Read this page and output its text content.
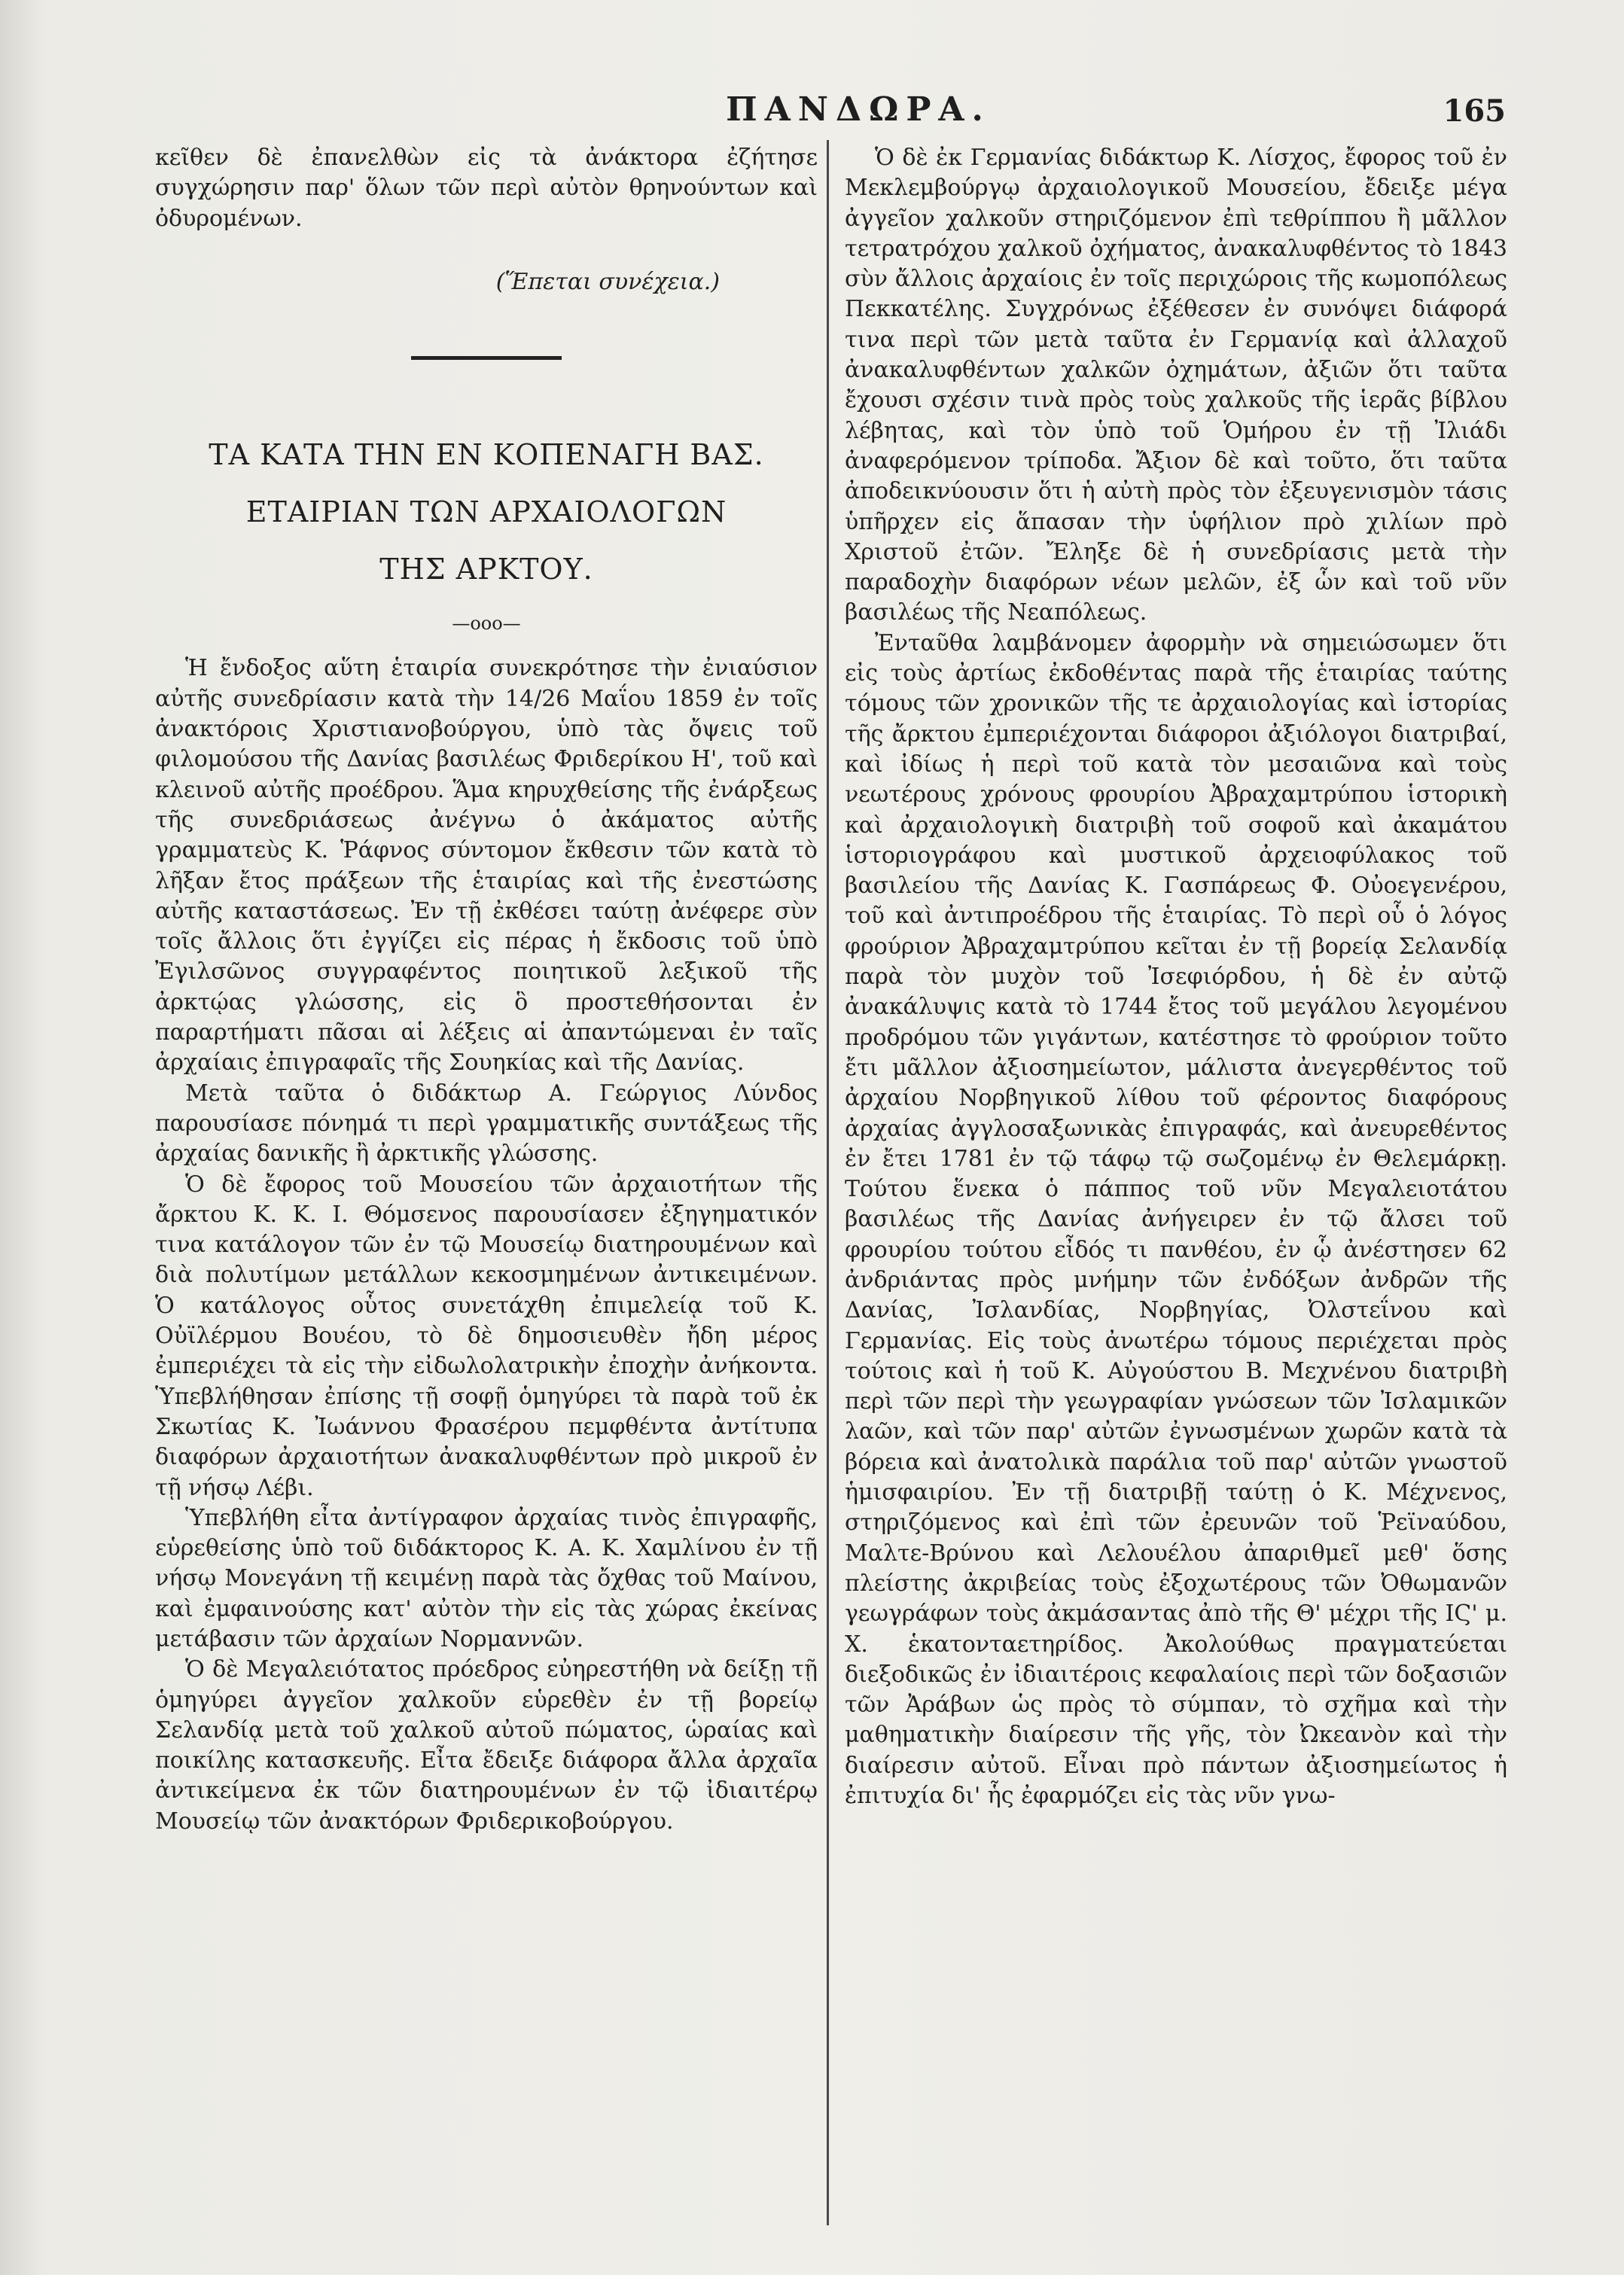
ΠΑΝΔΩΡΑ.	165

κεῖθεν δὲ ἐπανελθὼν εἰς τὰ ἀνάκτορα ἐζήτησε συγχώρησιν παρ' ὅλων τῶν περὶ αὐτὸν θρηνούντων καὶ ὀδυρομένων.

(Ἕπεται συνέχεια.)

ΤΑ ΚΑΤΑ ΤΗΝ ΕΝ ΚΟΠΕΝΑΓΗ ΒΑΣ.

ΕΤΑΙΡΙΑΝ ΤΩΝ ΑΡΧΑΙΟΛΟΓΩΝ

ΤΗΣ ΑΡΚΤΟΥ.

—ooo—

Ἡ ἔνδοξος αὕτη ἑταιρία συνεκρότησε τὴν ἐνιαύσιον αὐτῆς συνεδρίασιν κατὰ τὴν 14/26 Μαΐου 1859 ἐν τοῖς ἀνακτόροις Χριστιανοβούργου, ὑπὸ τὰς ὄψεις τοῦ φιλομούσου τῆς Δανίας βασιλέως Φριδερίκου Η', τοῦ καὶ κλεινοῦ αὐτῆς προέδρου. Ἅμα κηρυχθείσης τῆς ἐνάρξεως τῆς συνεδριάσεως ἀνέγνω ὁ ἀκάματος αὐτῆς γραμματεὺς Κ. Ῥάφνος σύντομον ἔκθεσιν τῶν κατὰ τὸ λῆξαν ἔτος πράξεων τῆς ἑταιρίας καὶ τῆς ἐνεστώσης αὐτῆς καταστάσεως. Ἐν τῇ ἐκθέσει ταύτῃ ἀνέφερε σὺν τοῖς ἄλλοις ὅτι ἐγγίζει εἰς πέρας ἡ ἔκδοσις τοῦ ὑπὸ Ἐγιλσῶνος συγγραφέντος ποιητικοῦ λεξικοῦ τῆς ἀρκτῴας γλώσσης, εἰς ὃ προστεθήσονται ἐν παραρτήματι πᾶσαι αἱ λέξεις αἱ ἀπαντώμεναι ἐν ταῖς ἀρχαίαις ἐπιγραφαῖς τῆς Σουηκίας καὶ τῆς Δανίας.

Μετὰ ταῦτα ὁ διδάκτωρ Α. Γεώργιος Λύνδος παρουσίασε πόνημά τι περὶ γραμματικῆς συντάξεως τῆς ἀρχαίας δανικῆς ἢ ἀρκτικῆς γλώσσης.

Ὁ δὲ ἔφορος τοῦ Μουσείου τῶν ἀρχαιοτήτων τῆς ἄρκτου Κ. Κ. Ι. Θόμσενος παρουσίασεν ἐξηγηματικόν τινα κατάλογον τῶν ἐν τῷ Μουσείῳ διατηρουμένων καὶ διὰ πολυτίμων μετάλλων κεκοσμημένων ἀντικειμένων. Ὁ κατάλογος οὗτος συνετάχθη ἐπιμελείᾳ τοῦ Κ. Οὐϊλέρμου Βουέου, τὸ δὲ δημοσιευθὲν ἤδη μέρος ἐμπεριέχει τὰ εἰς τὴν εἰδωλολατρικὴν ἐποχὴν ἀνήκοντα. Ὑπεβλήθησαν ἐπίσης τῇ σοφῇ ὁμηγύρει τὰ παρὰ τοῦ ἐκ Σκωτίας Κ. Ἰωάννου Φρασέρου πεμφθέντα ἀντίτυπα διαφόρων ἀρχαιοτήτων ἀνακαλυφθέντων πρὸ μικροῦ ἐν τῇ νήσῳ Λέβι.

Ὑπεβλήθη εἶτα ἀντίγραφον ἀρχαίας τινὸς ἐπιγραφῆς, εὑρεθείσης ὑπὸ τοῦ διδάκτορος Κ. Α. Κ. Χαμλίνου ἐν τῇ νήσῳ Μονεγάνη τῇ κειμένῃ παρὰ τὰς ὄχθας τοῦ Μαίνου, καὶ ἐμφαινούσης κατ' αὐτὸν τὴν εἰς τὰς χώρας ἐκείνας μετάβασιν τῶν ἀρχαίων Νορμαννῶν.

Ὁ δὲ Μεγαλειότατος πρόεδρος εὐηρεστήθη νὰ δείξῃ τῇ ὁμηγύρει ἀγγεῖον χαλκοῦν εὑρεθὲν ἐν τῇ βορείῳ Σελανδίᾳ μετὰ τοῦ χαλκοῦ αὐτοῦ πώματος, ὡραίας καὶ ποικίλης κατασκευῆς. Εἶτα ἔδειξε διάφορα ἄλλα ἀρχαῖα ἀντικείμενα ἐκ τῶν διατηρουμένων ἐν τῷ ἰδιαιτέρῳ Μουσείῳ τῶν ἀνακτόρων Φριδερικοβούργου.

Ὁ δὲ ἐκ Γερμανίας διδάκτωρ Κ. Λίσχος, ἔφορος τοῦ ἐν Μεκλεμβούργῳ ἀρχαιολογικοῦ Μουσείου, ἔδειξε μέγα ἀγγεῖον χαλκοῦν στηριζόμενον ἐπὶ τεθρίππου ἢ μᾶλλον τετρατρόχου χαλκοῦ ὀχήματος, ἀνακαλυφθέντος τὸ 1843 σὺν ἄλλοις ἀρχαίοις ἐν τοῖς περιχώροις τῆς κωμοπόλεως Πεκκατέλης. Συγχρόνως ἐξέθεσεν ἐν συνόψει διάφορά τινα περὶ τῶν μετὰ ταῦτα ἐν Γερμανίᾳ καὶ ἀλλαχοῦ ἀνακαλυφθέντων χαλκῶν ὀχημάτων, ἀξιῶν ὅτι ταῦτα ἔχουσι σχέσιν τινὰ πρὸς τοὺς χαλκοῦς τῆς ἱερᾶς βίβλου λέβητας, καὶ τὸν ὑπὸ τοῦ Ὁμήρου ἐν τῇ Ἰλιάδι ἀναφερόμενον τρίποδα. Ἄξιον δὲ καὶ τοῦτο, ὅτι ταῦτα ἀποδεικνύουσιν ὅτι ἡ αὐτὴ πρὸς τὸν ἐξευγενισμὸν τάσις ὑπῆρχεν εἰς ἅπασαν τὴν ὑφήλιον πρὸ χιλίων πρὸ Χριστοῦ ἐτῶν. Ἔληξε δὲ ἡ συνεδρίασις μετὰ τὴν παραδοχὴν διαφόρων νέων μελῶν, ἐξ ὧν καὶ τοῦ νῦν βασιλέως τῆς Νεαπόλεως.

Ἐνταῦθα λαμβάνομεν ἀφορμὴν νὰ σημειώσωμεν ὅτι εἰς τοὺς ἀρτίως ἐκδοθέντας παρὰ τῆς ἑταιρίας ταύτης τόμους τῶν χρονικῶν τῆς τε ἀρχαιολογίας καὶ ἱστορίας τῆς ἄρκτου ἐμπεριέχονται διάφοροι ἀξιόλογοι διατριβαί, καὶ ἰδίως ἡ περὶ τοῦ κατὰ τὸν μεσαιῶνα καὶ τοὺς νεωτέρους χρόνους φρουρίου Ἀβραχαμτρύπου ἱστορικὴ καὶ ἀρχαιολογικὴ διατριβὴ τοῦ σοφοῦ καὶ ἀκαμάτου ἱστοριογράφου καὶ μυστικοῦ ἀρχειοφύλακος τοῦ βασιλείου τῆς Δανίας Κ. Γασπάρεως Φ. Οὐοεγενέρου, τοῦ καὶ ἀντιπροέδρου τῆς ἑταιρίας. Τὸ περὶ οὗ ὁ λόγος φρούριον Ἀβραχαμτρύπου κεῖται ἐν τῇ βορείᾳ Σελανδίᾳ παρὰ τὸν μυχὸν τοῦ Ἰσεφιόρδου, ἡ δὲ ἐν αὐτῷ ἀνακάλυψις κατὰ τὸ 1744 ἔτος τοῦ μεγάλου λεγομένου προδρόμου τῶν γιγάντων, κατέστησε τὸ φρούριον τοῦτο ἔτι μᾶλλον ἀξιοσημείωτον, μάλιστα ἀνεγερθέντος τοῦ ἀρχαίου Νορβηγικοῦ λίθου τοῦ φέροντος διαφόρους ἀρχαίας ἀγγλοσαξωνικὰς ἐπιγραφάς, καὶ ἀνευρεθέντος ἐν ἔτει 1781 ἐν τῷ τάφῳ τῷ σωζομένῳ ἐν Θελεμάρκῃ. Τούτου ἕνεκα ὁ πάππος τοῦ νῦν Μεγαλειοτάτου βασιλέως τῆς Δανίας ἀνήγειρεν ἐν τῷ ἄλσει τοῦ φρουρίου τούτου εἶδός τι πανθέου, ἐν ᾧ ἀνέστησεν 62 ἀνδριάντας πρὸς μνήμην τῶν ἐνδόξων ἀνδρῶν τῆς Δανίας, Ἰσλανδίας, Νορβηγίας, Ὀλστεΐνου καὶ Γερμανίας. Εἰς τοὺς ἀνωτέρω τόμους περιέχεται πρὸς τούτοις καὶ ἡ τοῦ Κ. Αὐγούστου Β. Μεχνένου διατριβὴ περὶ τῶν περὶ τὴν γεωγραφίαν γνώσεων τῶν Ἰσλαμικῶν λαῶν, καὶ τῶν παρ' αὐτῶν ἐγνωσμένων χωρῶν κατὰ τὰ βόρεια καὶ ἀνατολικὰ παράλια τοῦ παρ' αὐτῶν γνωστοῦ ἡμισφαιρίου. Ἐν τῇ διατριβῇ ταύτῃ ὁ Κ. Μέχνενος, στηριζόμενος καὶ ἐπὶ τῶν ἐρευνῶν τοῦ Ῥεϊναύδου, Μαλτε-Βρύνου καὶ Λελουέλου ἀπαριθμεῖ μεθ' ὅσης πλείστης ἀκριβείας τοὺς ἐξοχωτέρους τῶν Ὀθωμανῶν γεωγράφων τοὺς ἀκμάσαντας ἀπὸ τῆς Θ' μέχρι τῆς ΙϚ' μ. Χ. ἑκατονταετηρίδος. Ἀκολούθως πραγματεύεται διεξοδικῶς ἐν ἰδιαιτέροις κεφαλαίοις περὶ τῶν δοξασιῶν τῶν Ἀράβων ὡς πρὸς τὸ σύμπαν, τὸ σχῆμα καὶ τὴν μαθηματικὴν διαίρεσιν τῆς γῆς, τὸν Ὠκεανὸν καὶ τὴν διαίρεσιν αὐτοῦ. Εἶναι πρὸ πάντων ἀξιοσημείωτος ἡ ἐπιτυχία δι' ἧς ἐφαρμόζει εἰς τὰς νῦν γνω-
